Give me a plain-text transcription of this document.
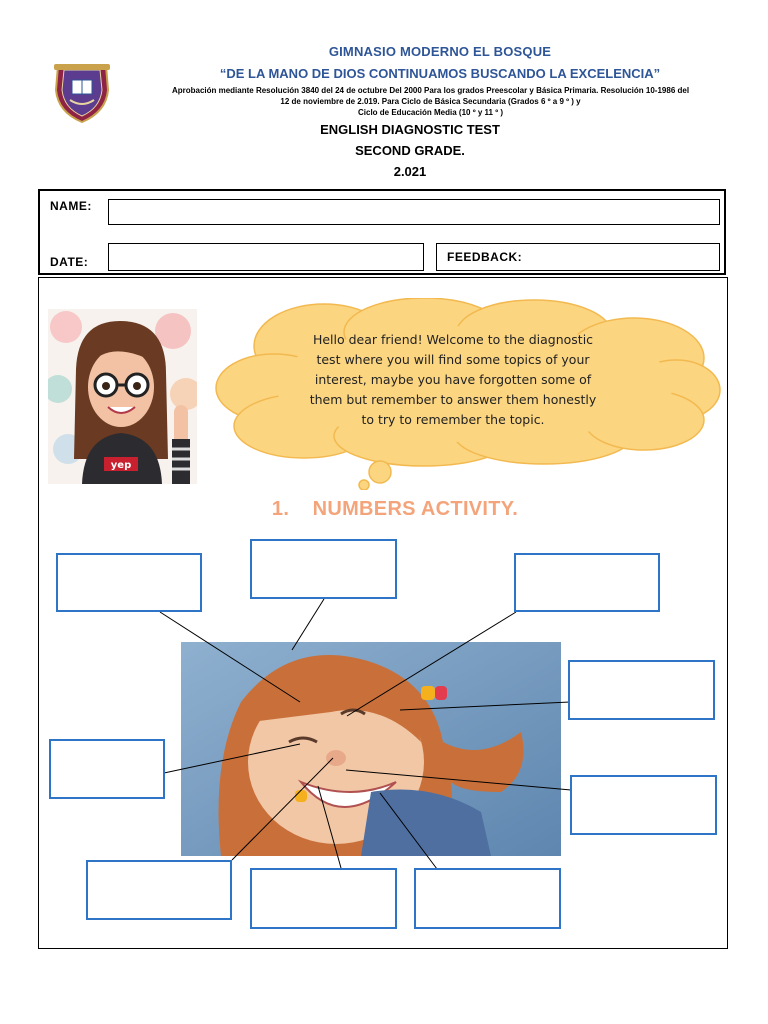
GIMNASIO MODERNO EL BOSQUE
“DE LA MANO DE DIOS CONTINUAMOS BUSCANDO LA EXCELENCIA”
Aprobación mediante Resolución 3840 del 24 de octubre Del 2000 Para los grados Preescolar y Básica Primaria. Resolución 10-1986 del
12 de noviembre de 2.019. Para Ciclo de Básica Secundaria (Grados 6 º a 9 º ) y
Ciclo de Educación Media (10 º y 11 º )
ENGLISH DIAGNOSTIC TEST
SECOND GRADE.
2.021
NAME:
DATE:	FEEDBACK:
yep
Hello dear friend! Welcome to the diagnostic
test where you will find some topics of your
interest, maybe you have forgotten some of
them but remember to answer them honestly
to try to remember the topic.
1. NUMBERS ACTIVITY.
